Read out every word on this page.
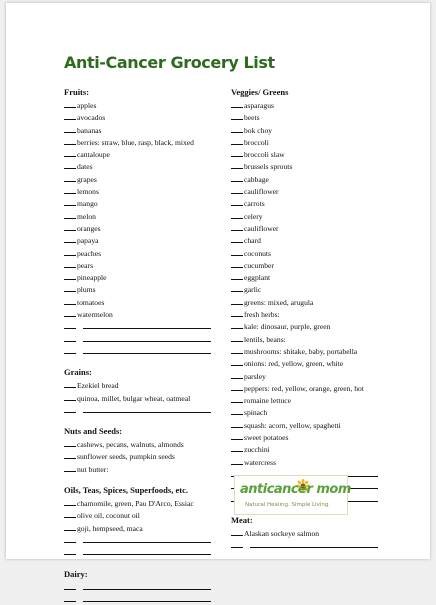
Anti-Cancer Grocery List
Fruits:
apples
avocados
bananas
berries: straw, blue, rasp, black, mixed
cantaloupe
dates
grapes
lemons
mango
melon
oranges
papaya
peaches
pears
pineapple
plums
tomatoes
watermelon
Grains:
Ezekiel bread
quinoa, millet, bulgar wheat, oatmeal
Nuts and Seeds:
cashews, pecans, walnuts, almonds
sunflower seeds, pumpkin seeds
nut butter:
Oils, Teas, Spices, Superfoods, etc.
chamomile, green, Pau D'Arco, Essiac
olive oil, coconut oil
goji, hempseed, maca
Dairy:
Veggies/ Greens
asparagus
beets
bok choy
broccoli
broccoli slaw
brussels sprouts
cabbage
cauliflower
carrots
celery
cauliflower
chard
coconuts
cucumber
eggplant
garlic
greens: mixed, arugula
fresh herbs:
kale: dinosaur, purple, green
lentils, beans:
mushrooms: shitake, baby, portabella
onions: red, yellow, green, white
parsley
peppers: red, yellow, orange, green, hot
romaine lettuce
spinach
squash: acorn, yellow, spaghetti
sweet potatoes
zucchini
watercress
Meat:
Alaskan sockeye salmon
anticancer mom
Natural Healing. Simple Living.
